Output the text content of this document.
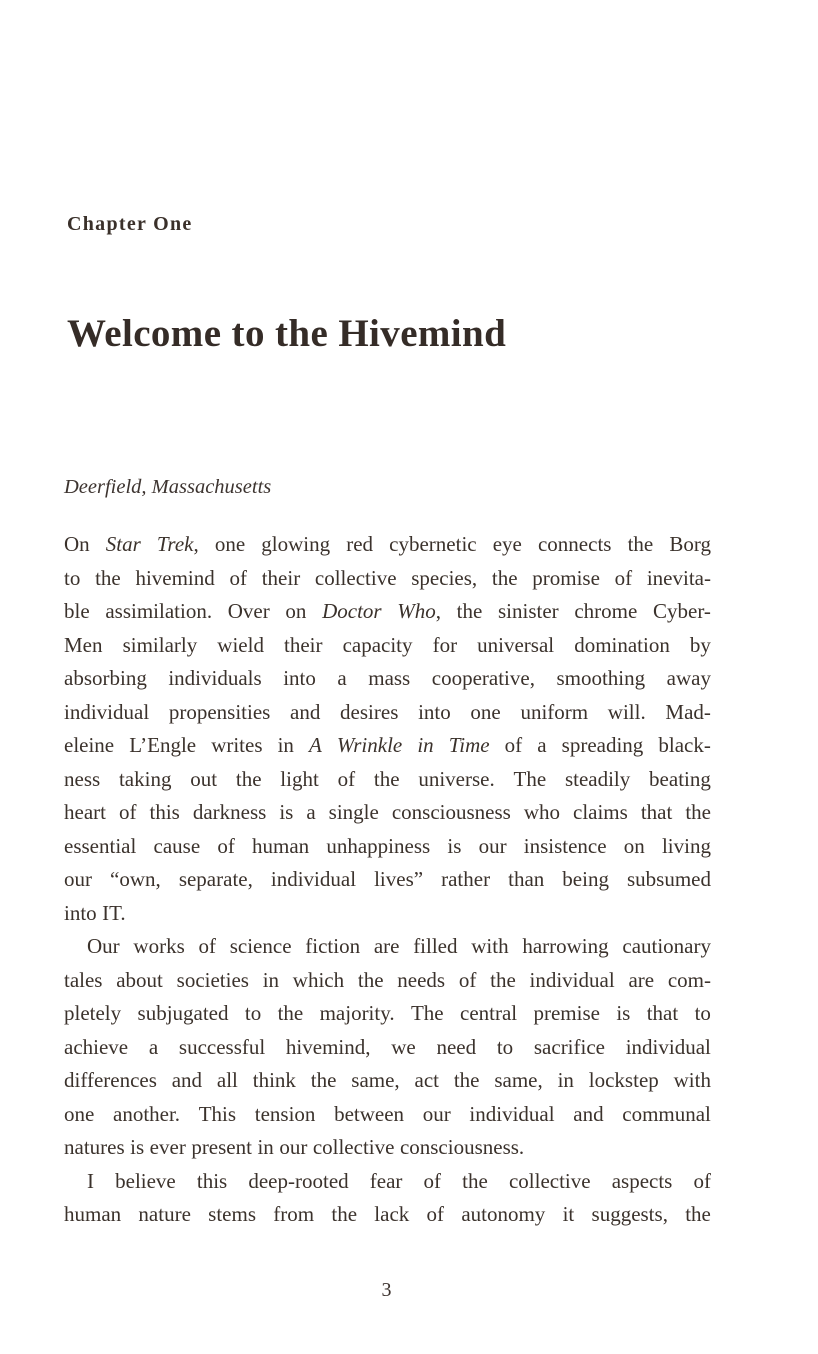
Chapter One
Welcome to the Hivemind
Deerfield, Massachusetts

On Star Trek, one glowing red cybernetic eye connects the Borg
to the hivemind of their collective species, the promise of inevita-
ble assimilation. Over on Doctor Who, the sinister chrome Cyber-
Men similarly wield their capacity for universal domination by
absorbing individuals into a mass cooperative, smoothing away
individual propensities and desires into one uniform will. Mad-
eleine L’Engle writes in A Wrinkle in Time of a spreading black-
ness taking out the light of the universe. The steadily beating
heart of this darkness is a single consciousness who claims that the
essential cause of human unhappiness is our insistence on living
our “own, separate, individual lives” rather than being subsumed
into IT.

Our works of science fiction are filled with harrowing cautionary
tales about societies in which the needs of the individual are com-
pletely subjugated to the majority. The central premise is that to
achieve a successful hivemind, we need to sacrifice individual
differences and all think the same, act the same, in lockstep with
one another. This tension between our individual and communal
natures is ever present in our collective consciousness.

I believe this deep-rooted fear of the collective aspects of
human nature stems from the lack of autonomy it suggests, the

3
